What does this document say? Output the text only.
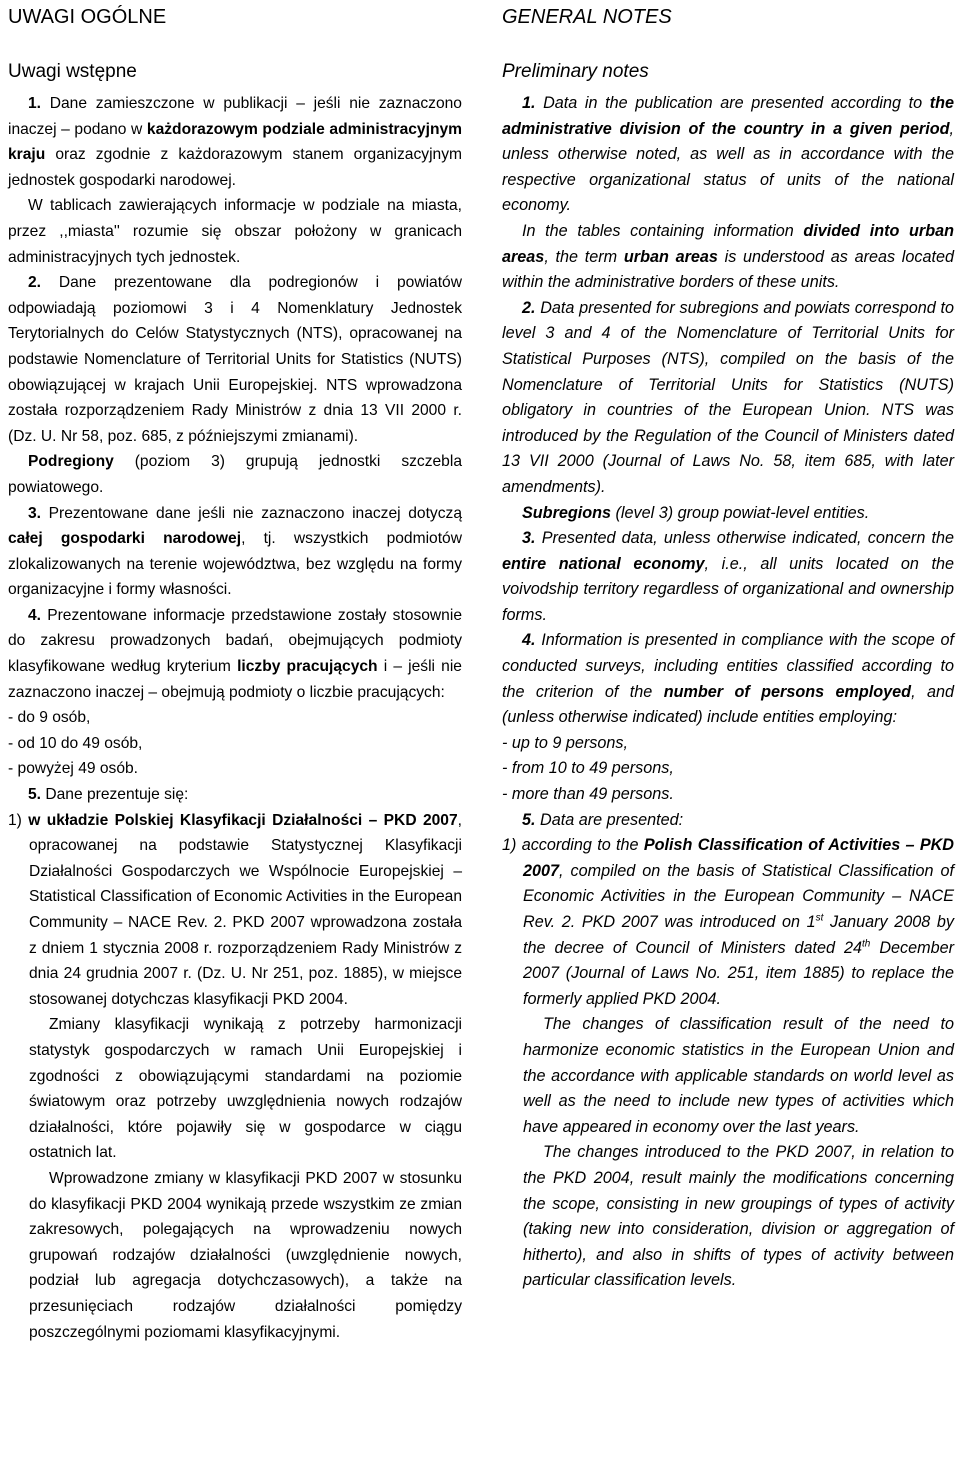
UWAGI OGÓLNE
Uwagi wstępne

1. Dane zamieszczone w publikacji – jeśli nie zaznaczono inaczej – podano w każdorazowym podziale administracyjnym kraju oraz zgodnie z każdorazowym stanem organizacyjnym jednostek gospodarki narodowej.

W tablicach zawierających informacje w podziale na miasta, przez ,,miasta'' rozumie się obszar położony w granicach administracyjnych tych jednostek.

2. Dane prezentowane dla podregionów i powiatów odpowiadają poziomowi 3 i 4 Nomenklatury Jednostek Terytorialnych do Celów Statystycznych (NTS), opracowanej na podstawie Nomenclature of Territorial Units for Statistics (NUTS) obowiązującej w krajach Unii Europejskiej. NTS wprowadzona została rozporządzeniem Rady Ministrów z dnia 13 VII 2000 r. (Dz. U. Nr 58, poz. 685, z późniejszymi zmianami).

Podregiony (poziom 3) grupują jednostki szczebla powiatowego.

3. Prezentowane dane jeśli nie zaznaczono inaczej dotyczą całej gospodarki narodowej, tj. wszystkich podmiotów zlokalizowanych na terenie województwa, bez względu na formy organizacyjne i formy własności.

4. Prezentowane informacje przedstawione zostały stosownie do zakresu prowadzonych badań, obejmujących podmioty klasyfikowane według kryterium liczby pracujących i – jeśli nie zaznaczono inaczej – obejmują podmioty o liczbie pracujących:

- do 9 osób,

- od 10 do 49 osób,

- powyżej 49 osób.

5. Dane prezentuje się:

1) w układzie Polskiej Klasyfikacji Działalności – PKD 2007, opracowanej na podstawie Statystycznej Klasyfikacji Działalności Gospodarczych we Wspólnocie Europejskiej – Statistical Classification of Economic Activities in the European Community – NACE Rev. 2. PKD 2007 wprowadzona została z dniem 1 stycznia 2008 r. rozporządzeniem Rady Ministrów z dnia 24 grudnia 2007 r. (Dz. U. Nr 251, poz. 1885), w miejsce stosowanej dotychczas klasyfikacji PKD 2004.

Zmiany klasyfikacji wynikają z potrzeby harmonizacji statystyk gospodarczych w ramach Unii Europejskiej i zgodności z obowiązującymi standardami na poziomie światowym oraz potrzeby uwzględnienia nowych rodzajów działalności, które pojawiły się w gospodarce w ciągu ostatnich lat.

Wprowadzone zmiany w klasyfikacji PKD 2007 w stosunku do klasyfikacji PKD 2004 wynikają przede wszystkim ze zmian zakresowych, polegających na wprowadzeniu nowych grupowań rodzajów działalności (uwzględnienie nowych, podział lub agregacja dotychczasowych), a także na przesunięciach rodzajów działalności pomiędzy poszczególnymi poziomami klasyfikacyjnymi.

GENERAL NOTES
Preliminary notes

1. Data in the publication are presented according to the administrative division of the country in a given period, unless otherwise noted, as well as in accordance with the respective organizational status of units of the national economy.

In the tables containing information divided into urban areas, the term urban areas is understood as areas located within the administrative borders of these units.

2. Data presented for subregions and powiats correspond to level 3 and 4 of the Nomenclature of Territorial Units for Statistical Purposes (NTS), compiled on the basis of the Nomenclature of Territorial Units for Statistics (NUTS) obligatory in countries of the European Union. NTS was introduced by the Regulation of the Council of Ministers dated 13 VII 2000 (Journal of Laws No. 58, item 685, with later amendments).

Subregions (level 3) group powiat-level entities.

3. Presented data, unless otherwise indicated, concern the entire national economy, i.e., all units located on the voivodship territory regardless of organizational and ownership forms.

4. Information is presented in compliance with the scope of conducted surveys, including entities classified according to the criterion of the number of persons employed, and (unless otherwise indicated) include entities employing:

- up to 9 persons,

- from 10 to 49 persons,

- more than 49 persons.

5. Data are presented:

1) according to the Polish Classification of Activities – PKD 2007, compiled on the basis of Statistical Classification of Economic Activities in the European Community – NACE Rev. 2. PKD 2007 was introduced on 1st January 2008 by the decree of Council of Ministers dated 24th December 2007 (Journal of Laws No. 251, item 1885) to replace the formerly applied PKD 2004.

The changes of classification result of the need to harmonize economic statistics in the European Union and the accordance with applicable standards on world level as well as the need to include new types of activities which have appeared in economy over the last years.

The changes introduced to the PKD 2007, in relation to the PKD 2004, result mainly the modifications concerning the scope, consisting in new groupings of types of activity (taking new into consideration, division or aggregation of hitherto), and also in shifts of types of activity between particular classification levels.
